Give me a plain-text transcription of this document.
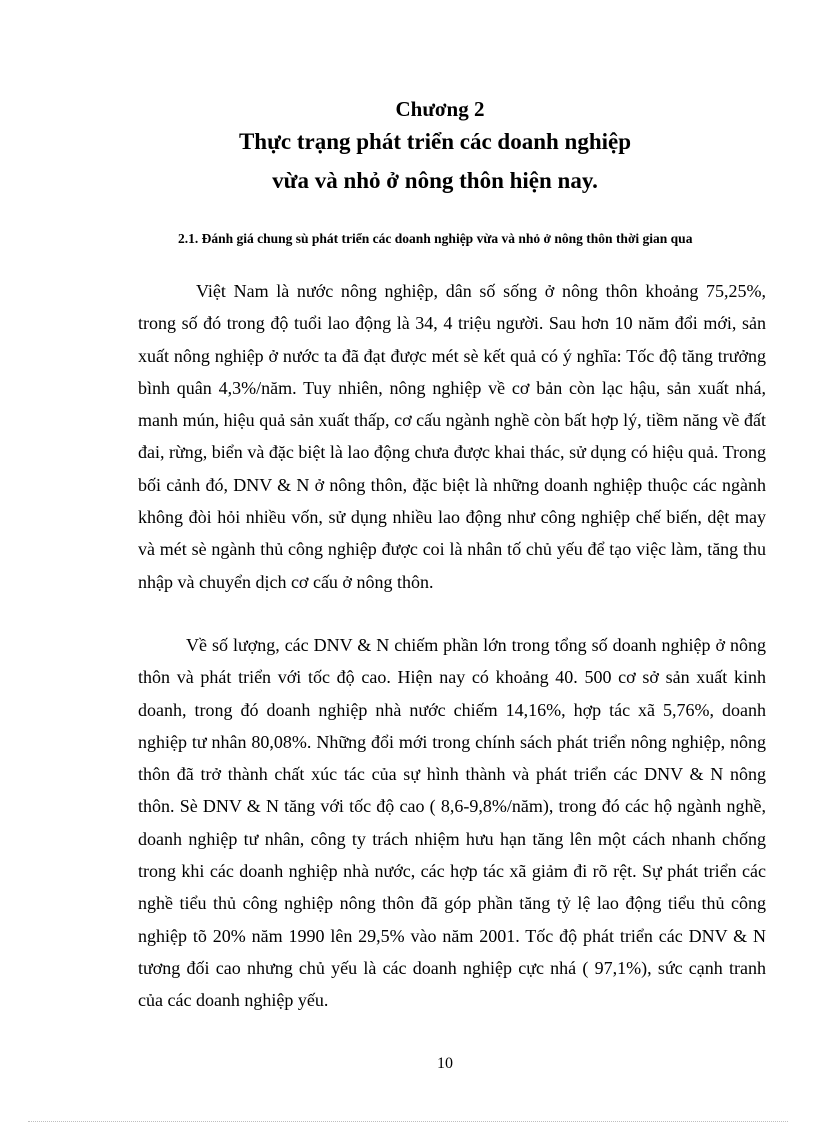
Chương 2
Thực trạng phát triển các doanh nghiệp
vừa và nhỏ ở nông thôn hiện nay.
2.1. Đánh giá chung sù phát triển các doanh nghiệp vừa và nhỏ ở nông thôn thời gian qua

Việt Nam là nước nông nghiệp, dân số sống ở nông thôn khoảng 75,25%, trong số đó trong độ tuổi lao động là 34, 4 triệu người. Sau hơn 10 năm đổi mới, sản xuất nông nghiệp ở nước ta đã đạt được mét sè kết quả có ý nghĩa: Tốc độ tăng trưởng bình quân 4,3%/năm. Tuy nhiên, nông nghiệp về cơ bản còn lạc hậu, sản xuất nhá, manh mún, hiệu quả sản xuất thấp, cơ cấu ngành nghề còn bất hợp lý, tiềm năng về đất đai, rừng, biển và đặc biệt là lao động chưa được khai thác, sử dụng có hiệu quả. Trong bối cảnh đó, DNV & N ở nông thôn, đặc biệt là những doanh nghiệp thuộc các ngành không đòi hỏi nhiều vốn, sử dụng nhiều lao động như công nghiệp chế biến, dệt may và mét sè ngành thủ công nghiệp được coi là nhân tố chủ yếu để tạo việc làm, tăng thu nhập và chuyển dịch cơ cấu ở nông thôn.

Về số lượng, các DNV & N chiếm phần lớn trong tổng số doanh nghiệp ở nông thôn và phát triển với tốc độ cao. Hiện nay có khoảng 40. 500 cơ sở sản xuất kinh doanh, trong đó doanh nghiệp nhà nước chiếm 14,16%, hợp tác xã 5,76%, doanh nghiệp tư nhân 80,08%. Những đổi mới trong chính sách phát triển nông nghiệp, nông thôn đã trở thành chất xúc tác của sự hình thành và phát triển các DNV & N nông thôn. Sè DNV & N tăng với tốc độ cao ( 8,6-9,8%/năm), trong đó các hộ ngành nghề, doanh nghiệp tư nhân, công ty trách nhiệm hưu hạn tăng lên một cách nhanh chống trong khi các doanh nghiệp nhà nước, các hợp tác xã giảm đi rõ rệt. Sự phát triển các nghề tiểu thủ công nghiệp nông thôn đã góp phần tăng tỷ lệ lao động tiểu thủ công nghiệp tõ 20% năm 1990 lên 29,5% vào năm 2001. Tốc độ phát triển các DNV & N tương đối cao nhưng chủ yếu là các doanh nghiệp cực nhá ( 97,1%), sức cạnh tranh của các doanh nghiệp yếu.

10
